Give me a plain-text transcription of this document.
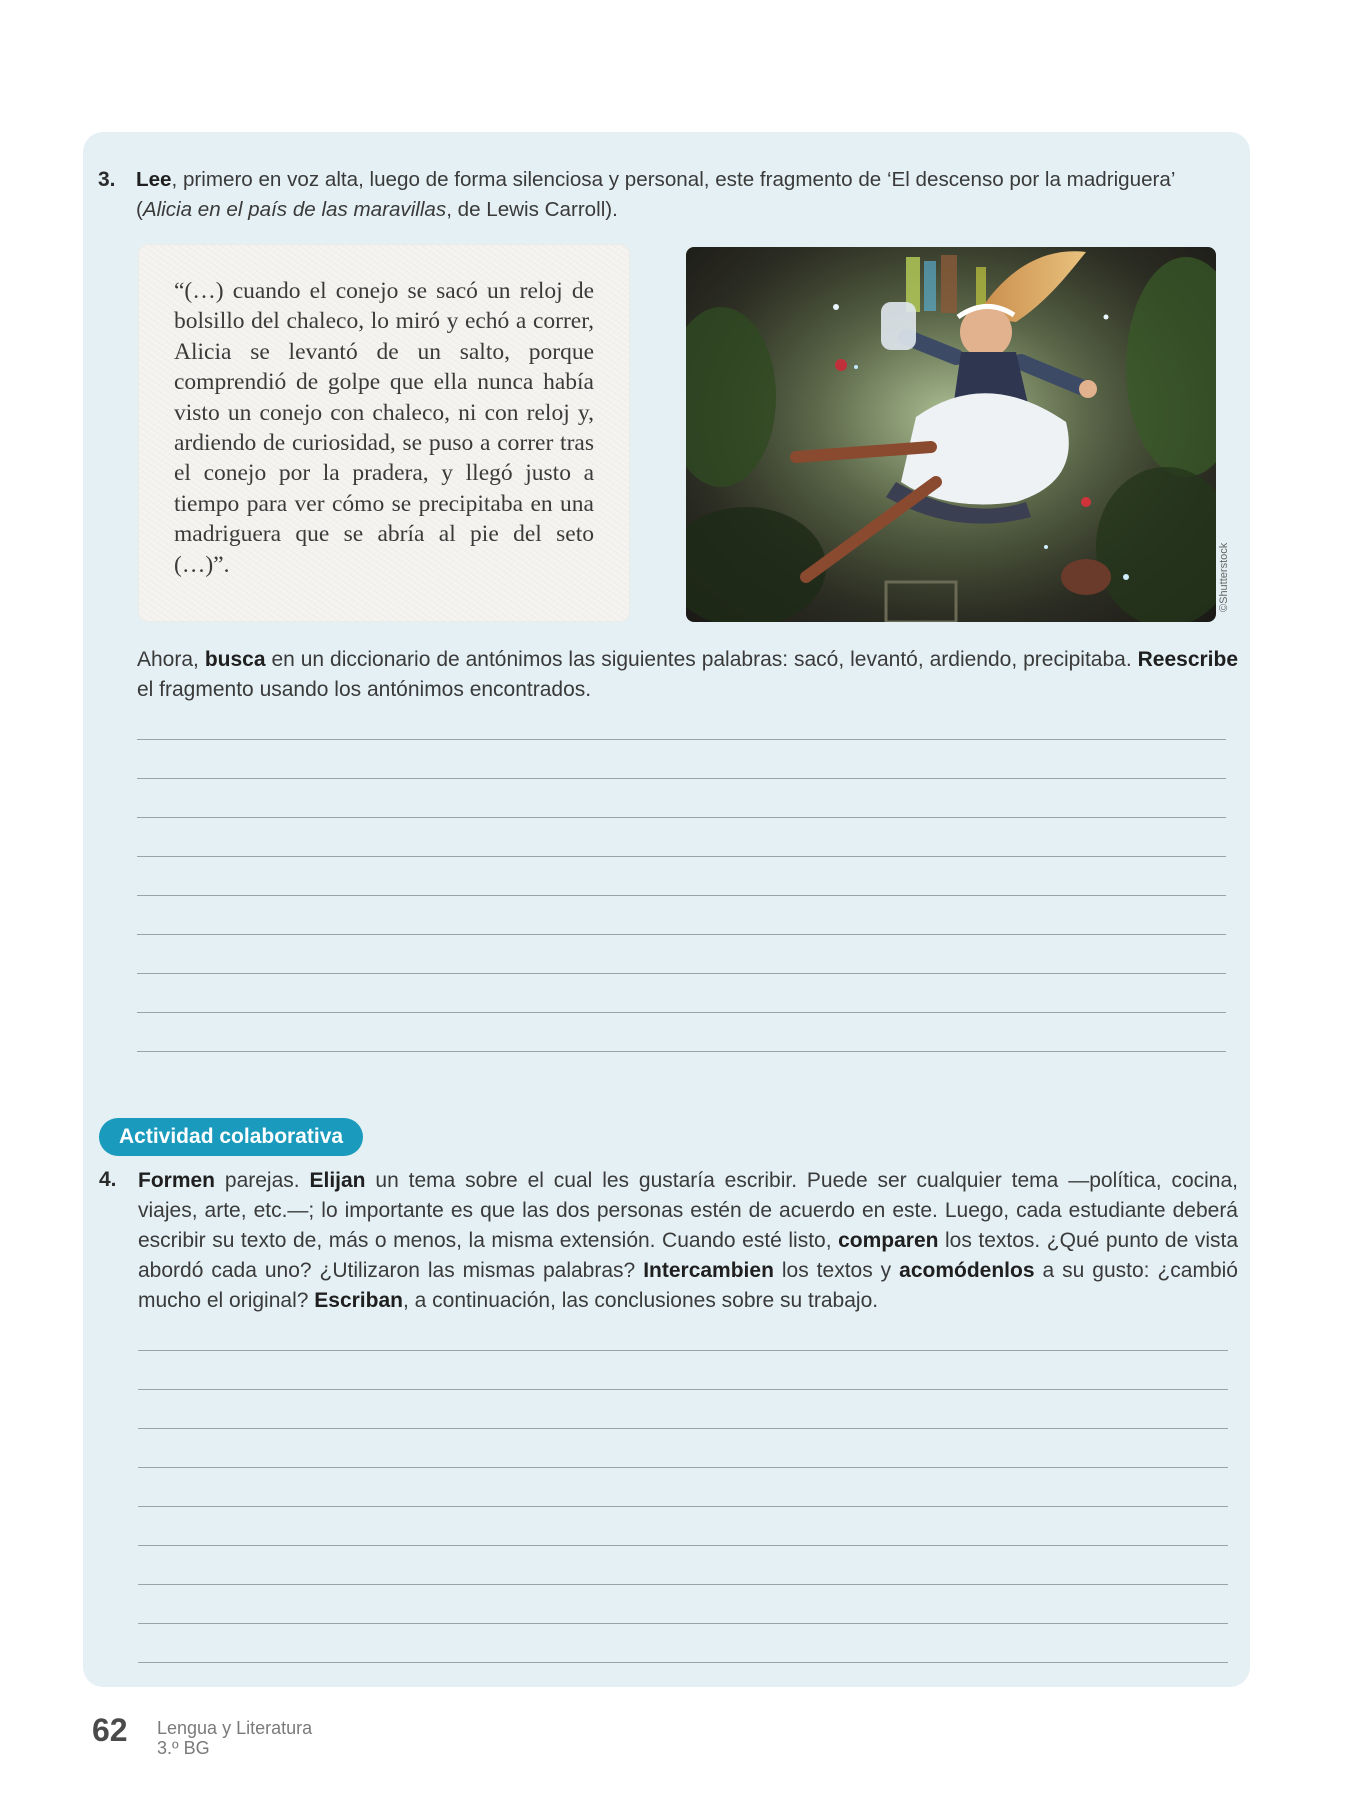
3. Lee, primero en voz alta, luego de forma silenciosa y personal, este fragmento de ‘El descenso por la madriguera’
(Alicia en el país de las maravillas, de Lewis Carroll).
“(…) cuando el conejo se sacó un reloj de bolsillo del chaleco, lo miró y echó a correr, Alicia se levantó de un salto, porque comprendió de golpe que ella nunca había visto un conejo con chaleco, ni con reloj y, ardiendo de curiosidad, se puso a correr tras el conejo por la pradera, y llegó justo a tiempo para ver cómo se precipitaba en una madriguera que se abría al pie del seto (…)”.	©Shutterstock
Ahora, busca en un diccionario de antónimos las siguientes palabras: sacó, levantó, ardiendo, precipitaba. Reescribe el fragmento usando los antónimos encontrados.
Actividad colaborativa
4. Formen parejas. Elijan un tema sobre el cual les gustaría escribir. Puede ser cualquier tema —política, cocina, viajes, arte, etc.—; lo importante es que las dos personas estén de acuerdo en este. Luego, cada estudiante deberá escribir su texto de, más o menos, la misma extensión. Cuando esté listo, comparen los textos. ¿Qué punto de vista abordó cada uno? ¿Utilizaron las mismas palabras? Intercambien los textos y acomódenlos a su gusto: ¿cambió mucho el original? Escriban, a continuación, las conclusiones sobre su trabajo.
62 Lengua y Literatura
3.º BG
